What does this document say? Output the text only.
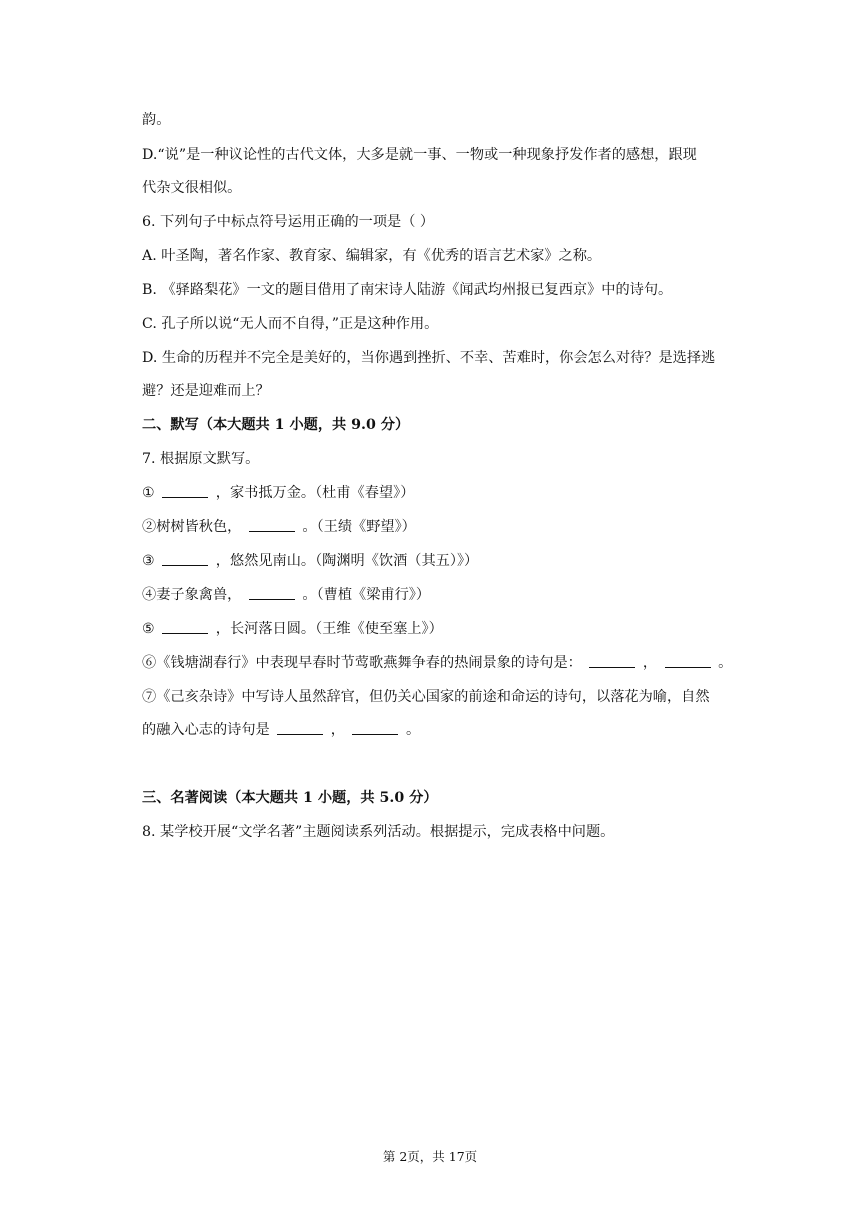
韵。
D.“说”是一种议论性的古代文体，大多是就一事、一物或一种现象抒发作者的感想，跟现
代杂文很相似。
6. 下列句子中标点符号运用正确的一项是（ ）
A. 叶圣陶，著名作家、教育家、编辑家，有《优秀的语言艺术家》之称。
B. 《驿路梨花》一文的题目借用了南宋诗人陆游《闻武均州报已复西京》中的诗句。
C. 孔子所以说“无人而不自得，”正是这种作用。
D. 生命的历程并不完全是美好的，当你遇到挫折、不幸、苦难时，你会怎么对待？是选择逃
避？还是迎难而上？
二、默写（本大题共 1 小题，共 9.0 分）
7. 根据原文默写。
①	，家书抵万金。（杜甫《春望》）
②树树皆秋色，	。（王绩《野望》）
③	，悠然见南山。（陶渊明《饮酒（其五）》）
④妻子象禽兽，	。（曹植《梁甫行》）
⑤	，长河落日圆。（王维《使至塞上》）
⑥《钱塘湖春行》中表现早春时节莺歌燕舞争春的热闹景象的诗句是：	，	。
⑦《己亥杂诗》中写诗人虽然辞官，但仍关心国家的前途和命运的诗句，以落花为喻，自然
的融入心志的诗句是	，	。
三、名著阅读（本大题共 1 小题，共 5.0 分）
8. 某学校开展“文学名著”主题阅读系列活动。根据提示，完成表格中问题。
第 2页，共 17页
